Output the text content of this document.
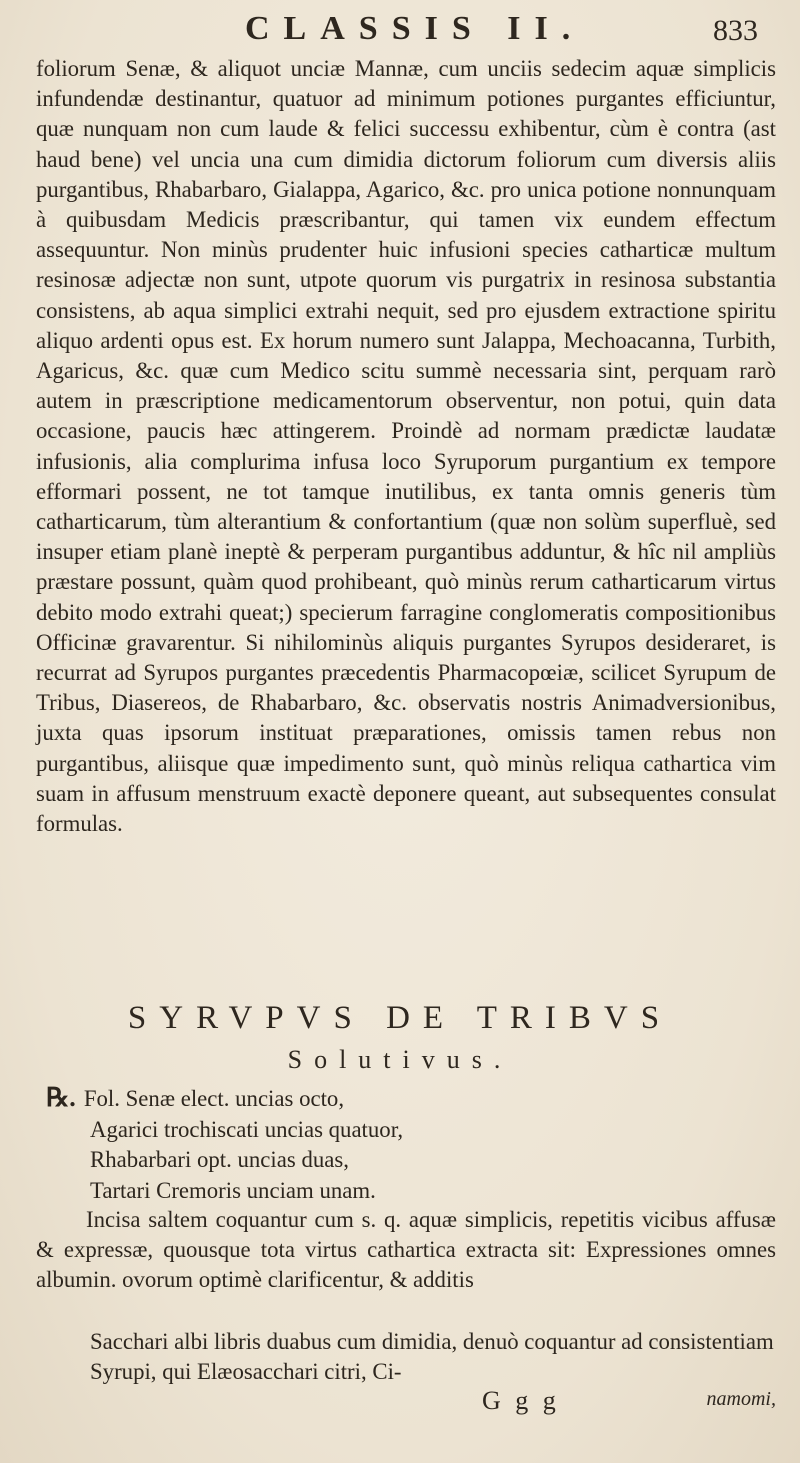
CLASSIS II.	833
foliorum Senæ, & aliquot unciæ Mannæ, cum unciis sedecim aquæ simplicis infundendæ destinantur, quatuor ad minimum potiones purgantes efficiuntur, quæ nunquam non cum laude & felici successu exhibentur, cùm è contra (ast haud bene) vel uncia una cum dimidia dictorum foliorum cum diversis aliis purgantibus, Rhabarbaro, Gialappa, Agarico, &c. pro unica potione nonnunquam à quibusdam Medicis præscribantur, qui tamen vix eundem effectum assequuntur. Non minùs prudenter huic infusioni species catharticæ multum resinosæ adjectæ non sunt, utpote quorum vis purgatrix in resinosa substantia consistens, ab aqua simplici extrahi nequit, sed pro ejusdem extractione spiritu aliquo ardenti opus est. Ex horum numero sunt Jalappa, Mechoacanna, Turbith, Agaricus, &c. quæ cum Medico scitu summè necessaria sint, perquam rarò autem in præscriptione medicamentorum observentur, non potui, quin data occasione, paucis hæc attingerem. Proindè ad normam prædictæ laudatæ infusionis, alia complurima infusa loco Syruporum purgantium ex tempore efformari possent, ne tot tamque inutilibus, ex tanta omnis generis tùm catharticarum, tùm alterantium & confortantium (quæ non solùm superfluè, sed insuper etiam planè ineptè & perperam purgantibus adduntur, & hîc nil ampliùs præstare possunt, quàm quod prohibeant, quò minùs rerum catharticarum virtus debito modo extrahi queat;) specierum farragine conglomeratis compositionibus Officinæ gravarentur. Si nihilominùs aliquis purgantes Syrupos desideraret, is recurrat ad Syrupos purgantes præcedentis Pharmacopœiæ, scilicet Syrupum de Tribus, Diasereos, de Rhabarbaro, &c. observatis nostris Animadversionibus, juxta quas ipsorum instituat præparationes, omissis tamen rebus non purgantibus, aliisque quæ impedimento sunt, quò minùs reliqua cathartica vim suam in affusum menstruum exactè deponere queant, aut subsequentes consulat formulas.
SYRVPVS DE TRIBVS
Solutivus.
℞. Fol. Senæ elect. uncias octo,
Agarici trochiscati uncias quatuor,
Rhabarbari opt. uncias duas,
Tartari Cremoris unciam unam.
Incisa saltem coquantur cum s. q. aquæ simplicis, repetitis vicibus affusæ & expressæ, quousque tota virtus cathartica extracta sit: Expressiones omnes albumin. ovorum optimè clarificentur, & additis
Sacchari albi libris duabus cum dimidia, denuò coquantur ad consistentiam Syrupi, qui Elæosacchari citri, Ci-
G g g	namomi,
